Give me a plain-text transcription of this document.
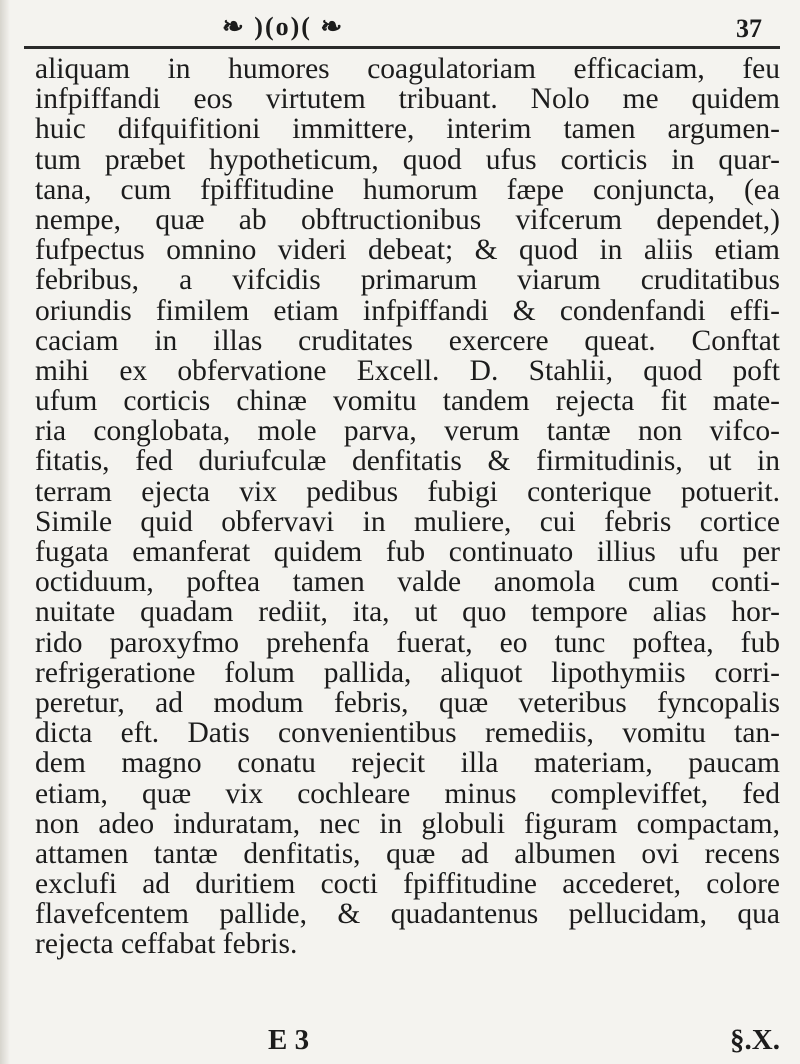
❧ )(o)( ❧	37
aliquam in humores coagulatoriam efficaciam, feu
infpiffandi eos virtutem tribuant. Nolo me quidem
huic difquifitioni immittere, interim tamen argumen-
tum præbet hypotheticum, quod ufus corticis in quar-
tana, cum fpiffitudine humorum fæpe conjuncta, (ea
nempe, quæ ab obftructionibus vifcerum dependet,)
fufpectus omnino videri debeat; & quod in aliis etiam
febribus, a vifcidis primarum viarum cruditatibus
oriundis fimilem etiam infpiffandi & condenfandi effi-
caciam in illas cruditates exercere queat. Conftat
mihi ex obfervatione Excell. D. Stahlii, quod poft
ufum corticis chinæ vomitu tandem rejecta fit mate-
ria conglobata, mole parva, verum tantæ non vifco-
fitatis, fed duriufculæ denfitatis & firmitudinis, ut in
terram ejecta vix pedibus fubigi conterique potuerit.
Simile quid obfervavi in muliere, cui febris cortice
fugata emanferat quidem fub continuato illius ufu per
octiduum, poftea tamen valde anomola cum conti-
nuitate quadam rediit, ita, ut quo tempore alias hor-
rido paroxyfmo prehenfa fuerat, eo tunc poftea, fub
refrigeratione folum pallida, aliquot lipothymiis corri-
peretur, ad modum febris, quæ veteribus fyncopalis
dicta eft. Datis convenientibus remediis, vomitu tan-
dem magno conatu rejecit illa materiam, paucam
etiam, quæ vix cochleare minus compleviffet, fed
non adeo induratam, nec in globuli figuram compactam,
attamen tantæ denfitatis, quæ ad albumen ovi recens
exclufi ad duritiem cocti fpiffitudine accederet, colore
flavefcentem pallide, & quadantenus pellucidam, qua
rejecta ceffabat febris.
E 3	§.X.
